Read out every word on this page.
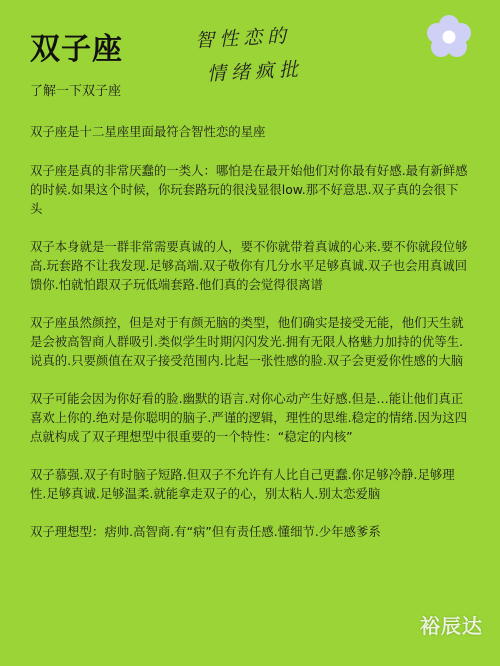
双子座
了解一下双子座
智性恋的
情绪疯批

双子座是十二星座里面最符合智性恋的星座

双子座是真的非常厌蠢的一类人：哪怕是在最开始他们对你最有好感.最有新鲜感的时候.如果这个时候，你玩套路玩的很浅显很low.那不好意思.双子真的会很下头

双子本身就是一群非常需要真诚的人，要不你就带着真诚的心来.要不你就段位够高.玩套路不让我发现.足够高端.双子敬你有几分水平足够真诚.双子也会用真诚回馈你.怕就怕跟双子玩低端套路.他们真的会觉得很离谱

双子座虽然颜控，但是对于有颜无脑的类型，他们确实是接受无能，他们天生就是会被高智商人群吸引.类似学生时期闪闪发光.拥有无限人格魅力加持的优等生.说真的.只要颜值在双子接受范围内.比起一张性感的脸.双子会更爱你性感的大脑

双子可能会因为你好看的脸.幽默的语言.对你心动产生好感.但是…能让他们真正喜欢上你的.绝对是你聪明的脑子.严谨的逻辑，理性的思维.稳定的情绪.因为这四点就构成了双子理想型中很重要的一个特性：“稳定的内核”

双子慕强.双子有时脑子短路.但双子不允许有人比自己更蠢.你足够冷静.足够理性.足够真诚.足够温柔.就能拿走双子的心，别太粘人.别太恋爱脑

双子理想型：痞帅.高智商.有“病”但有责任感.懂细节.少年感爹系

裕辰达
